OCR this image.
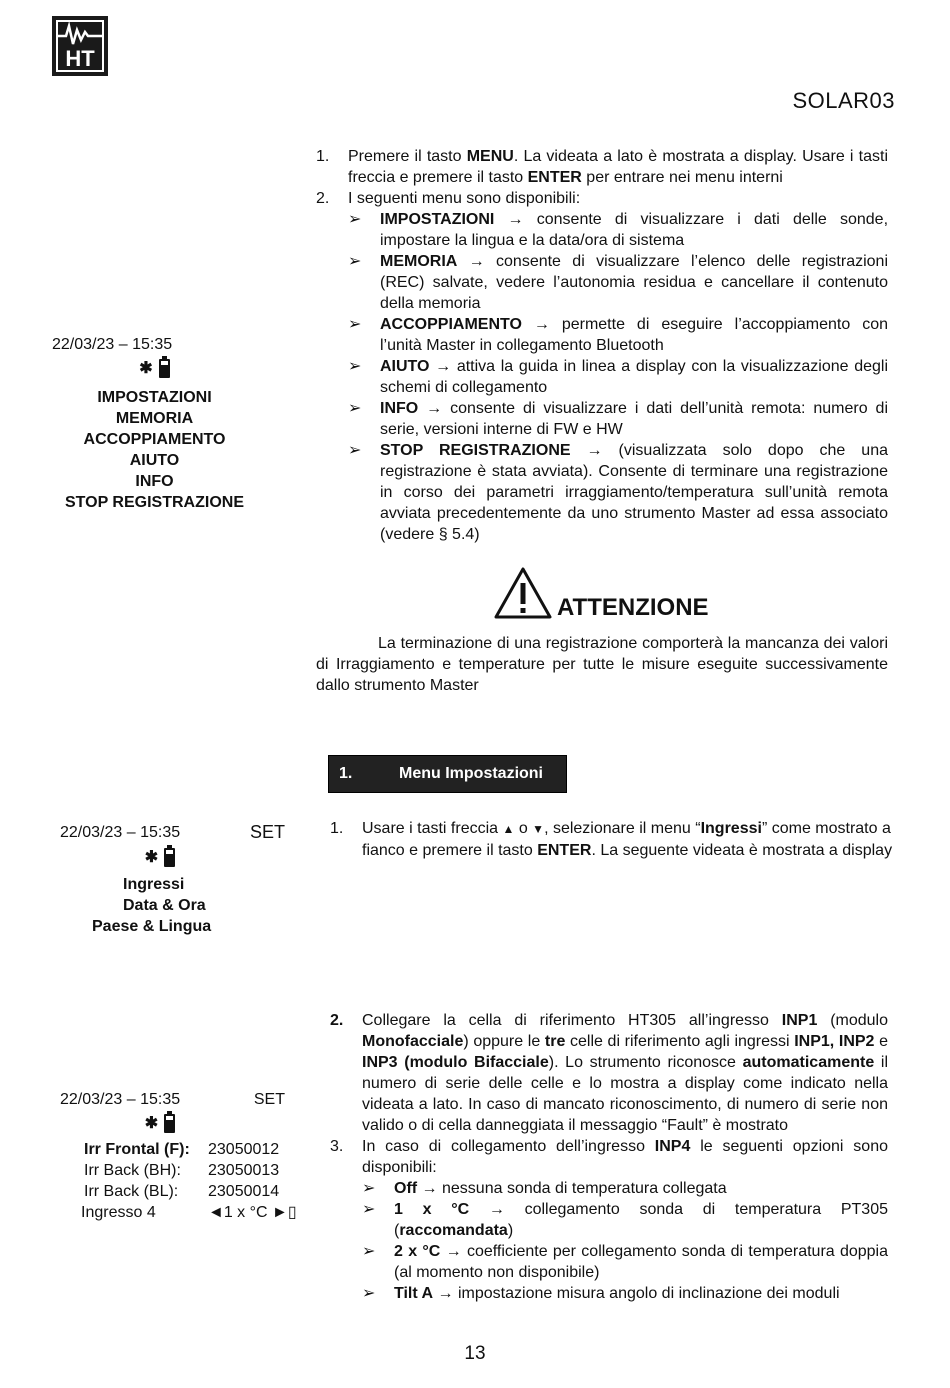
HT
SOLAR03
22/03/23 – 15:35
✱
IMPOSTAZIONI
MEMORIA
ACCOPPIAMENTO
AIUTO
INFO
STOP REGISTRAZIONE
1.	Premere il tasto MENU. La videata a lato è mostrata a display. Usare i tasti freccia e premere il tasto ENTER per entrare nei menu interni
2.	I seguenti menu sono disponibili:
➢	IMPOSTAZIONI → consente di visualizzare i dati delle sonde, impostare la lingua e la data/ora di sistema
➢	MEMORIA → consente di visualizzare l’elenco delle registrazioni (REC) salvate, vedere l’autonomia residua e cancellare il contenuto della memoria
➢	ACCOPPIAMENTO → permette di eseguire l’accoppiamento con l’unità Master in collegamento Bluetooth
➢	AIUTO → attiva la guida in linea a display con la visualizzazione degli schemi di collegamento
➢	INFO → consente di visualizzare i dati dell’unità remota: numero di serie, versioni interne di FW e HW
➢	STOP REGISTRAZIONE → (visualizzata solo dopo che una registrazione è stata avviata). Consente di terminare una registrazione in corso dei parametri irraggiamento/temperatura sull’unità remota avviata precedentemente da uno strumento Master ad essa associato (vedere § 5.4)
ATTENZIONE
La terminazione di una registrazione comporterà la mancanza dei valori di Irraggiamento e temperature per tutte le misure eseguite successivamente dallo strumento Master
1.	Menu Impostazioni
22/03/23 – 15:35	SET
✱
Ingressi
Data & Ora
Paese & Lingua
1.	Usare i tasti freccia ▲ o ▼, selezionare il menu “Ingressi” come mostrato a fianco e premere il tasto ENTER. La seguente videata è mostrata a display
22/03/23 – 15:35	SET
✱
Irr Frontal (F):	23050012
Irr Back (BH):	23050013
Irr Back (BL):	23050014
Ingresso 4	◄1 x °C ►▯
2.	Collegare la cella di riferimento HT305 all’ingresso INP1 (modulo Monofacciale) oppure le tre celle di riferimento agli ingressi INP1, INP2 e INP3 (modulo Bifacciale). Lo strumento riconosce automaticamente il numero di serie delle celle e lo mostra a display come indicato nella videata a lato. In caso di mancato riconoscimento, di numero di serie non valido o di cella danneggiata il messaggio “Fault” è mostrato
3.	In caso di collegamento dell’ingresso INP4 le seguenti opzioni sono disponibili:
➢	Off → nessuna sonda di temperatura collegata
➢	1 x °C → collegamento sonda di temperatura PT305 (raccomandata)
➢	2 x °C → coefficiente per collegamento sonda di temperatura doppia (al momento non disponibile)
➢	Tilt A → impostazione misura angolo di inclinazione dei moduli
13
